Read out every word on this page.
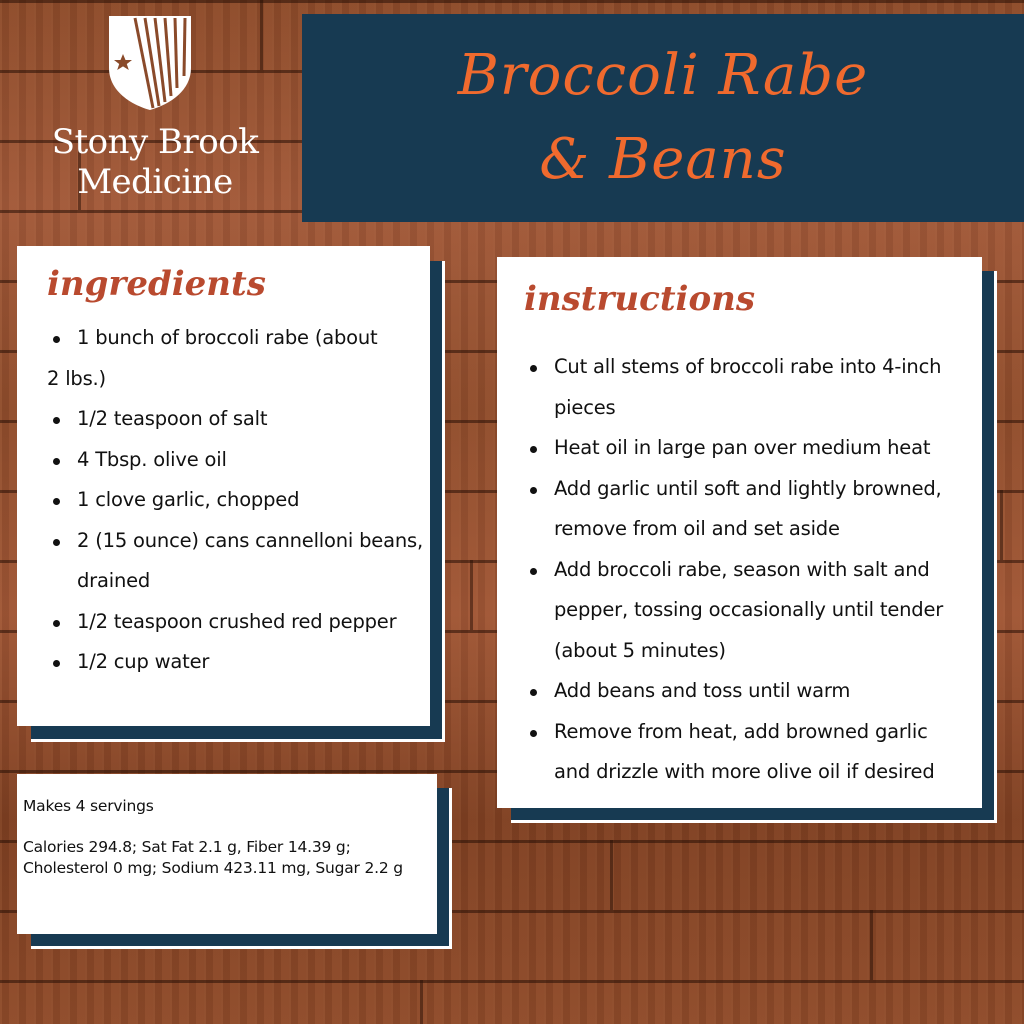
Stony Brook
Medicine
Broccoli Rabe
& Beans
ingredients
1 bunch of broccoli rabe (about
2 lbs.)
1/2 teaspoon of salt
4 Tbsp. olive oil
1 clove garlic, chopped
2 (15 ounce) cans cannelloni beans, drained
1/2 teaspoon crushed red pepper
1/2 cup water
instructions
Cut all stems of broccoli rabe into 4-inch pieces
Heat oil in large pan over medium heat
Add garlic until soft and lightly browned, remove from oil and set aside
Add broccoli rabe, season with salt and pepper, tossing occasionally until tender (about 5 minutes)
Add beans and toss until warm
Remove from heat, add browned garlic and drizzle with more olive oil if desired
Makes 4 servings
Calories 294.8; Sat Fat 2.1 g, Fiber 14.39 g; Cholesterol 0 mg; Sodium 423.11 mg, Sugar 2.2 g
